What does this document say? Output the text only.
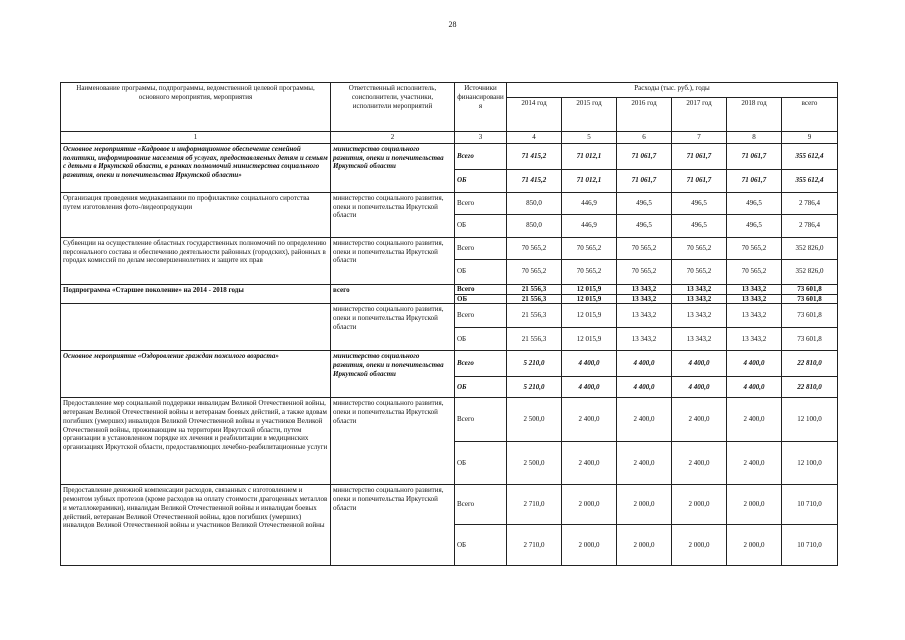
28
Наименование программы, подпрограммы, ведомственной целевой программы, основного мероприятия, мероприятия	Ответственный исполнитель, соисполнители, участники, исполнители мероприятий	Источники финансировани я	Расходы (тыс. руб.), годы					
			2014 год	2015 год	2016 год	2017 год	2018 год	всего
1	2	3	4	5	6	7	8	9
Основное мероприятие «Кадровое и информационное обеспечение семейной политики, информирование населения об услугах, предоставляемых детям и семьям с детьми в Иркутской области, в рамках полномочий министерства социального развития, опеки и попечительства Иркутской области»	министерство социального развития, опеки и попечительства Иркутской области	Всего	71 415,2	71 012,1	71 061,7	71 061,7	71 061,7	355 612,4
		ОБ	71 415,2	71 012,1	71 061,7	71 061,7	71 061,7	355 612,4
Организация проведения медиакампании по профилактике социального сиротства путем изготовления фото-/видеопродукции	министерство социального развития, опеки и попечительства Иркутской области	Всего	850,0	446,9	496,5	496,5	496,5	2 786,4
		ОБ	850,0	446,9	496,5	496,5	496,5	2 786,4
Субвенции на осуществление областных государственных полномочий по определению персонального состава и обеспечению деятельности районных (городских), районных в городах комиссий по делам несовершеннолетних и защите их прав	министерство социального развития, опеки и попечительства Иркутской области	Всего	70 565,2	70 565,2	70 565,2	70 565,2	70 565,2	352 826,0
		ОБ	70 565,2	70 565,2	70 565,2	70 565,2	70 565,2	352 826,0
Подпрограмма «Старшее поколение» на 2014 - 2018 годы	всего	Всего	21 556,3	12 015,9	13 343,2	13 343,2	13 343,2	73 601,8
		ОБ	21 556,3	12 015,9	13 343,2	13 343,2	13 343,2	73 601,8
	министерство социального развития, опеки и попечительства Иркутской области	Всего	21 556,3	12 015,9	13 343,2	13 343,2	13 343,2	73 601,8
		ОБ	21 556,3	12 015,9	13 343,2	13 343,2	13 343,2	73 601,8
Основное мероприятие «Оздоровление граждан пожилого возраста»	министерство социального развития, опеки и попечительства Иркутской области	Всего	5 210,0	4 400,0	4 400,0	4 400,0	4 400,0	22 810,0
		ОБ	5 210,0	4 400,0	4 400,0	4 400,0	4 400,0	22 810,0
Предоставление мер социальной поддержки инвалидам Великой Отечественной войны, ветеранам Великой Отечественной войны и ветеранам боевых действий, а также вдовам погибших (умерших) инвалидов Великой Отечественной войны и участников Великой Отечественной войны, проживающим на территории Иркутской области, путем организации в установленном порядке их лечения и реабилитации в медицинских организациях Иркутской области, предоставляющих лечебно-реабилитационные услуги	министерство социального развития, опеки и попечительства Иркутской области	Всего	2 500,0	2 400,0	2 400,0	2 400,0	2 400,0	12 100,0
		ОБ	2 500,0	2 400,0	2 400,0	2 400,0	2 400,0	12 100,0
Предоставление денежной компенсации расходов, связанных с изготовлением и ремонтом зубных протезов (кроме расходов на оплату стоимости драгоценных металлов и металлокерамики), инвалидам Великой Отечественной войны и инвалидам боевых действий, ветеранам Великой Отечественной войны, вдов погибших (умерших) инвалидов Великой Отечественной войны и участников Великой Отечественной войны	министерство социального развития, опеки и попечительства Иркутской области	Всего	2 710,0	2 000,0	2 000,0	2 000,0	2 000,0	10 710,0
		ОБ	2 710,0	2 000,0	2 000,0	2 000,0	2 000,0	10 710,0
